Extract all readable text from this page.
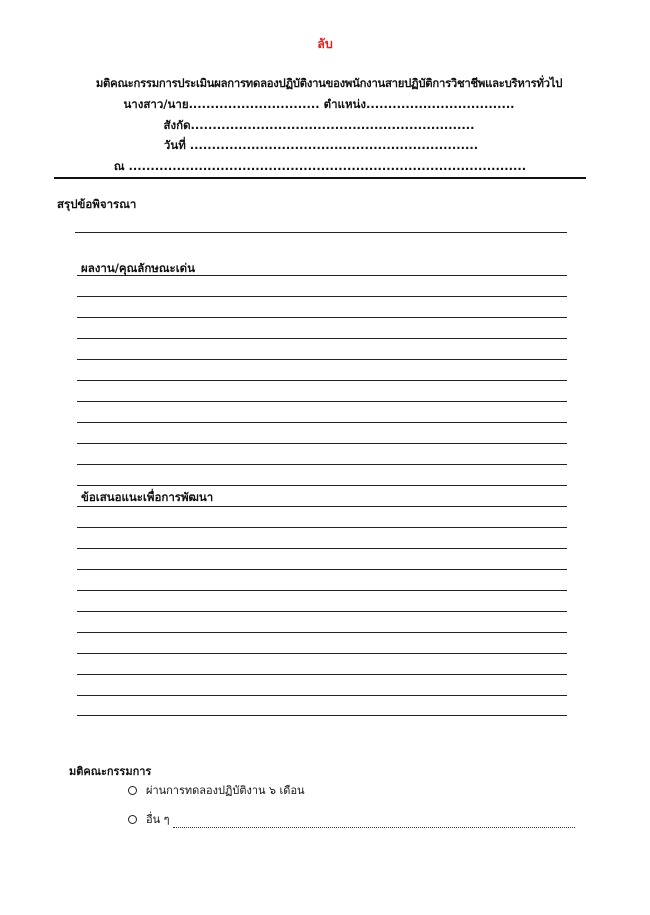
ลับ
มติคณะกรรมการประเมินผลการทดลองปฏิบัติงานของพนักงานสายปฏิบัติการวิชาชีพและบริหารทั่วไป
นางสาว/นาย.............................. ตำแหน่ง..................................
สังกัด.................................................................
วันที่ ..................................................................
ณ ...........................................................................................
สรุปข้อพิจารณา
ผลงาน/คุณลักษณะเด่น
ข้อเสนอแนะเพื่อการพัฒนา
มติคณะกรรมการ
ผ่านการทดลองปฏิบัติงาน ๖ เดือน
อื่น ๆ
